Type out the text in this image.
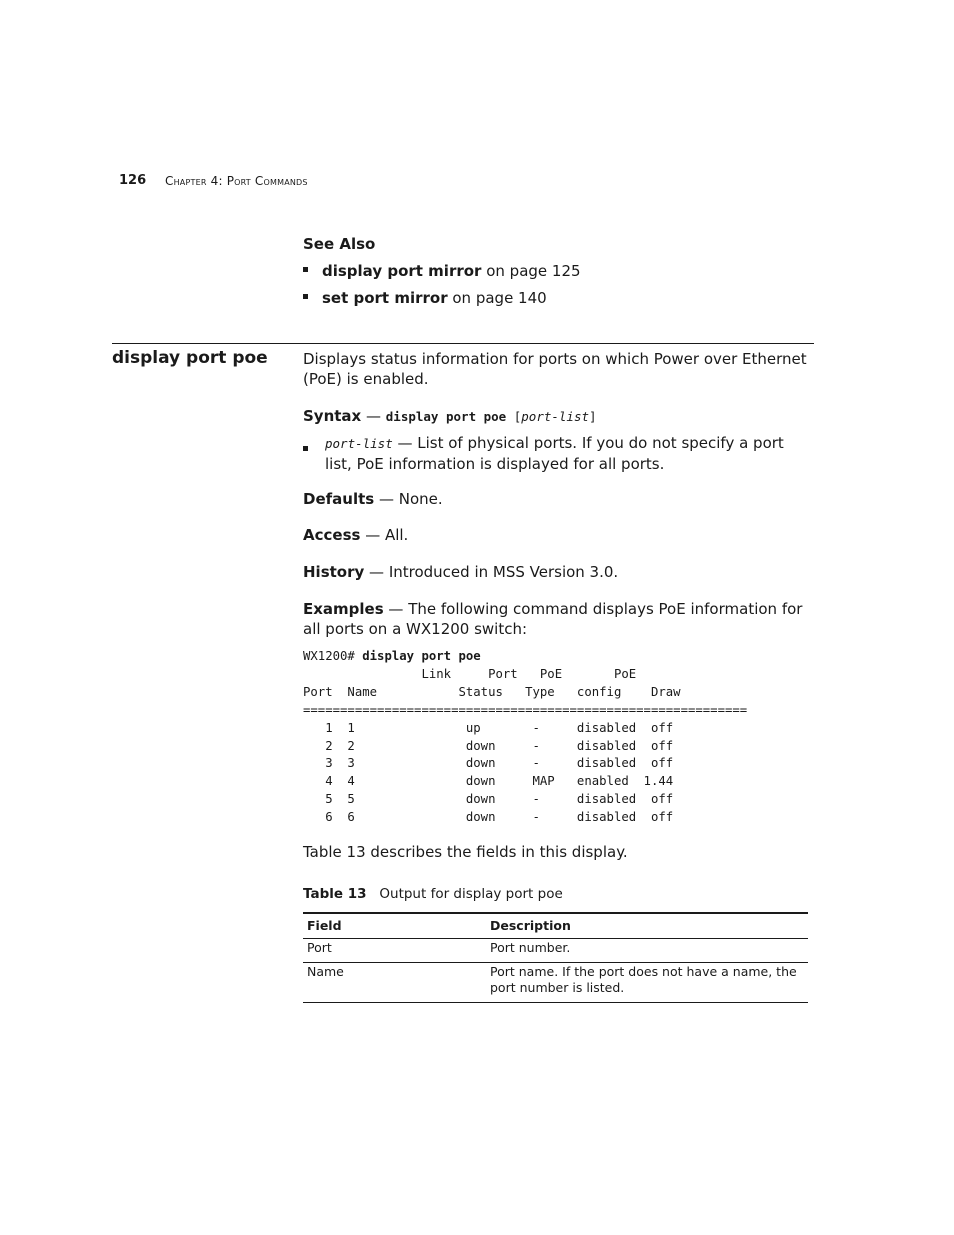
126 Chapter 4: Port Commands
See Also
display port mirror on page 125
set port mirror on page 140
display port poe Displays status information for ports on which Power over Ethernet (PoE) is enabled.
Syntax — display port poe [port-list]
port-list — List of physical ports. If you do not specify a port list, PoE information is displayed for all ports.
Defaults — None.
Access — All.
History — Introduced in MSS Version 3.0.
Examples — The following command displays PoE information for all ports on a WX1200 switch:
WX1200# display port poe
Link     Port   PoE       PoE
Port  Name           Status   Type   config    Draw
============================================================
1  1               up       -     disabled  off
2  2               down     -     disabled  off
3  3               down     -     disabled  off
4  4               down     MAP   enabled  1.44
5  5               down     -     disabled  off
6  6               down     -     disabled  off
Table 13 describes the fields in this display.
Table 13 Output for display port poe
Field	Description
Port	Port number.
Name	Port name. If the port does not have a name, the port number is listed.
